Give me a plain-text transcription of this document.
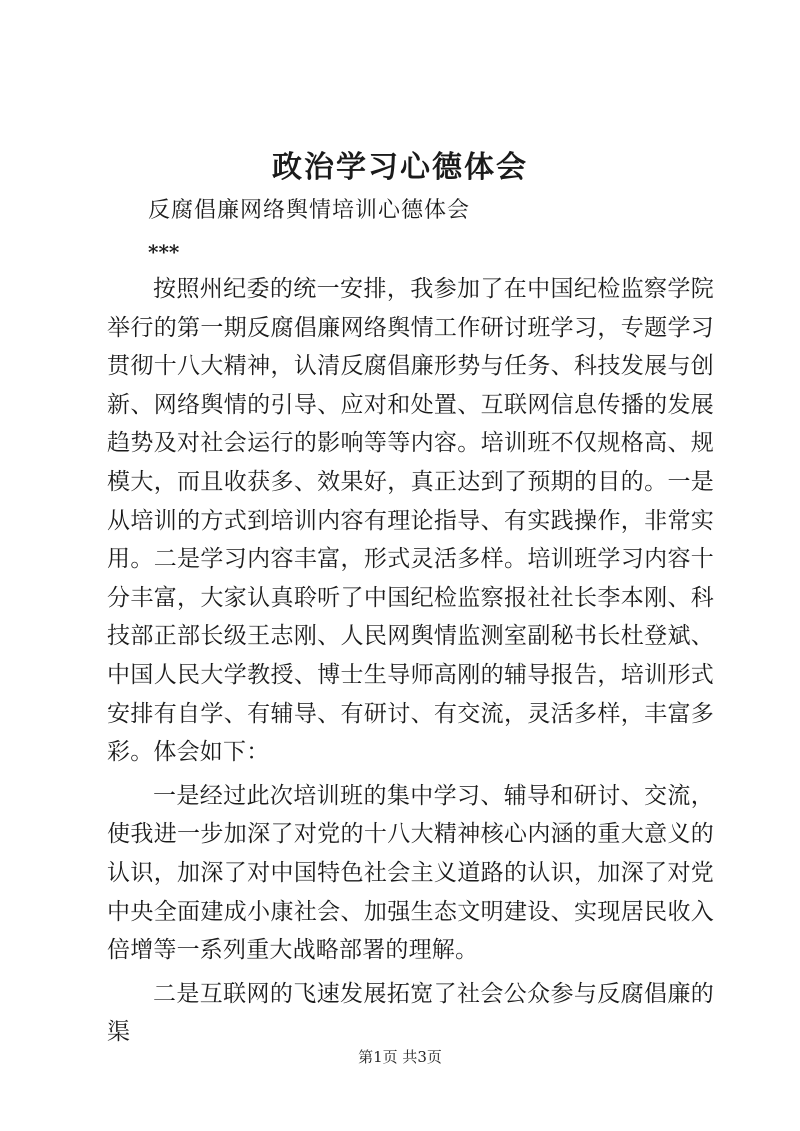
政治学习心德体会
反腐倡廉网络舆情培训心德体会
***

按照州纪委的统一安排，我参加了在中国纪检监察学院举行的第一期反腐倡廉网络舆情工作研讨班学习，专题学习贯彻十八大精神，认清反腐倡廉形势与任务、科技发展与创新、网络舆情的引导、应对和处置、互联网信息传播的发展趋势及对社会运行的影响等等内容。培训班不仅规格高、规模大，而且收获多、效果好，真正达到了预期的目的。一是从培训的方式到培训内容有理论指导、有实践操作，非常实用。二是学习内容丰富，形式灵活多样。培训班学习内容十分丰富，大家认真聆听了中国纪检监察报社社长李本刚、科技部正部长级王志刚、人民网舆情监测室副秘书长杜登斌、中国人民大学教授、博士生导师高刚的辅导报告，培训形式安排有自学、有辅导、有研讨、有交流，灵活多样，丰富多彩。体会如下：

一是经过此次培训班的集中学习、辅导和研讨、交流，使我进一步加深了对党的十八大精神核心内涵的重大意义的认识，加深了对中国特色社会主义道路的认识，加深了对党中央全面建成小康社会、加强生态文明建设、实现居民收入倍增等一系列重大战略部署的理解。

二是互联网的飞速发展拓宽了社会公众参与反腐倡廉的渠

第1页 共3页
